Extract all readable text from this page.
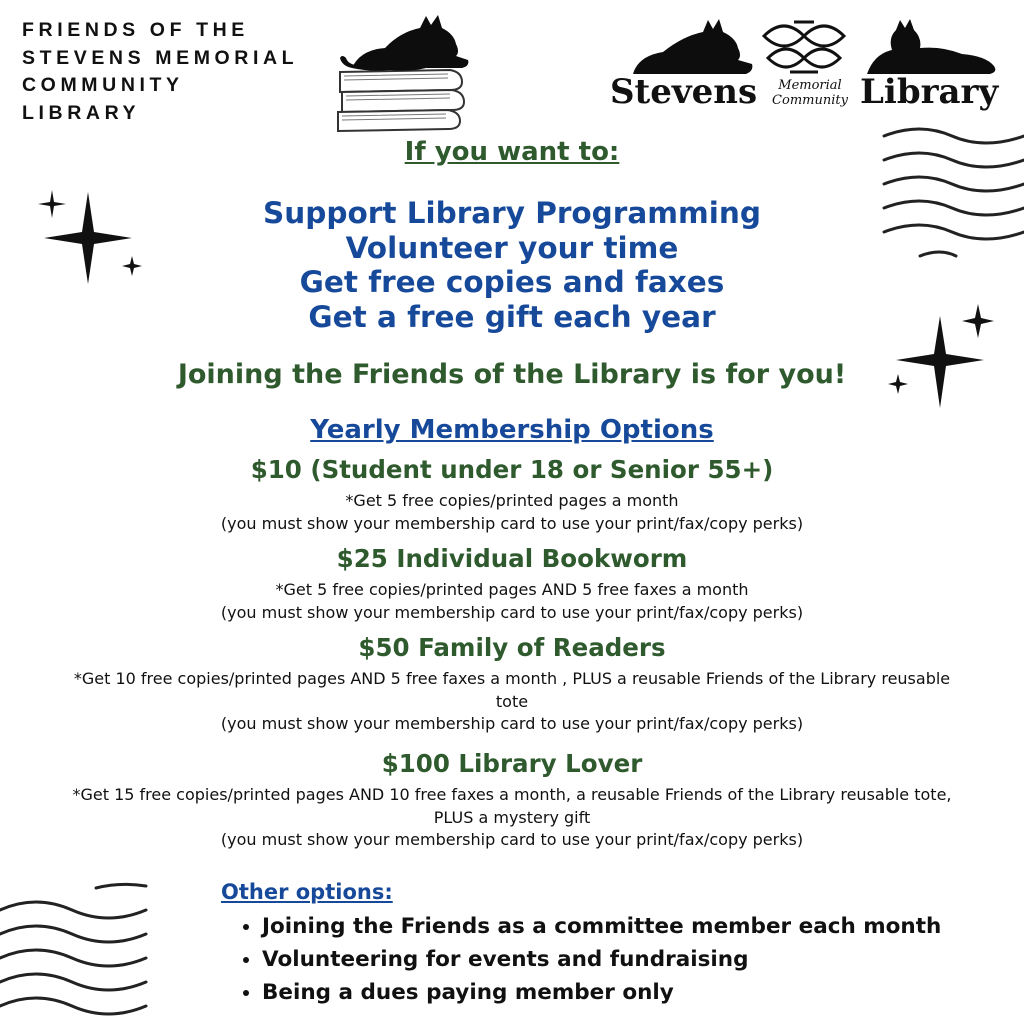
FRIENDS OF THE
STEVENS MEMORIAL
COMMUNITY
LIBRARY
Stevens	Memorial
Community Library
If you want to:
Support Library Programming
Volunteer your time
Get free copies and faxes
Get a free gift each year
Joining the Friends of the Library is for you!
Yearly Membership Options
$10 (Student under 18 or Senior 55+)
*Get 5 free copies/printed pages a month
(you must show your membership card to use your print/fax/copy perks)
$25 Individual Bookworm
*Get 5 free copies/printed pages AND 5 free faxes a month
(you must show your membership card to use your print/fax/copy perks)
$50 Family of Readers
*Get 10 free copies/printed pages AND 5 free faxes a month , PLUS a reusable Friends of the Library reusable
tote
(you must show your membership card to use your print/fax/copy perks)
$100 Library Lover
*Get 15 free copies/printed pages AND 10 free faxes a month, a reusable Friends of the Library reusable tote,
PLUS a mystery gift
(you must show your membership card to use your print/fax/copy perks)
Other options:
• Joining the Friends as a committee member each month
• Volunteering for events and fundraising
• Being a dues paying member only
